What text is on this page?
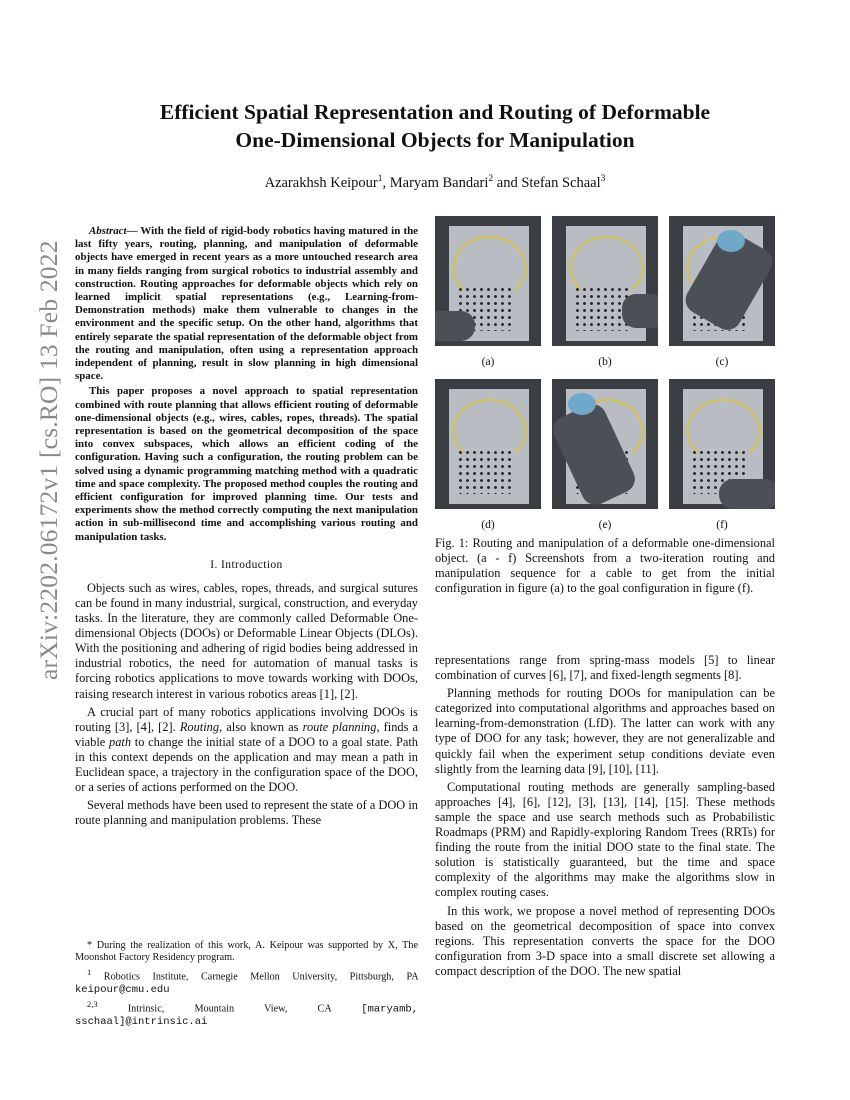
arXiv:2202.06172v1 [cs.RO] 13 Feb 2022
Efficient Spatial Representation and Routing of Deformable
One-Dimensional Objects for Manipulation
Azarakhsh Keipour$^1$, Maryam Bandari$^2$ and Stefan Schaal$^3$

Abstract— With the field of rigid-body robotics having matured in the last fifty years, routing, planning, and manipulation of deformable objects have emerged in recent years as a more untouched research area in many fields ranging from surgical robotics to industrial assembly and construction. Routing approaches for deformable objects which rely on learned implicit spatial representations (e.g., Learning-from-Demonstration methods) make them vulnerable to changes in the environment and the specific setup. On the other hand, algorithms that entirely separate the spatial representation of the deformable object from the routing and manipulation, often using a representation approach independent of planning, result in slow planning in high dimensional space.

This paper proposes a novel approach to spatial representation combined with route planning that allows efficient routing of deformable one-dimensional objects (e.g., wires, cables, ropes, threads). The spatial representation is based on the geometrical decomposition of the space into convex subspaces, which allows an efficient coding of the configuration. Having such a configuration, the routing problem can be solved using a dynamic programming matching method with a quadratic time and space complexity. The proposed method couples the routing and efficient configuration for improved planning time. Our tests and experiments show the method correctly computing the next manipulation action in sub-millisecond time and accomplishing various routing and manipulation tasks.

I. Introduction

Objects such as wires, cables, ropes, threads, and surgical sutures can be found in many industrial, surgical, construction, and everyday tasks. In the literature, they are commonly called Deformable One-dimensional Objects (DOOs) or Deformable Linear Objects (DLOs). With the positioning and adhering of rigid bodies being addressed in industrial robotics, the need for automation of manual tasks is forcing robotics applications to move towards working with DOOs, raising research interest in various robotics areas [1], [2].

A crucial part of many robotics applications involving DOOs is routing [3], [4], [2]. Routing, also known as route planning, finds a viable path to change the initial state of a DOO to a goal state. Path in this context depends on the application and may mean a path in Euclidean space, a trajectory in the configuration space of the DOO, or a series of actions performed on the DOO.

Several methods have been used to represent the state of a DOO in route planning and manipulation problems. These

* During the realization of this work, A. Keipour was supported by X, The Moonshot Factory Residency program.

$^1$ Robotics Institute, Carnegie Mellon University, Pittsburgh, PA keipour@cmu.edu

$^{2,3}$ Intrinsic, Mountain View, CA [maryamb, sschaal]@intrinsic.ai

(a)	(b)	(c)
(d)	(e)	(f)

Fig. 1: Routing and manipulation of a deformable one-dimensional object. (a - f) Screenshots from a two-iteration routing and manipulation sequence for a cable to get from the initial configuration in figure (a) to the goal configuration in figure (f).

representations range from spring-mass models [5] to linear combination of curves [6], [7], and fixed-length segments [8].

Planning methods for routing DOOs for manipulation can be categorized into computational algorithms and approaches based on learning-from-demonstration (LfD). The latter can work with any type of DOO for any task; however, they are not generalizable and quickly fail when the experiment setup conditions deviate even slightly from the learning data [9], [10], [11].

Computational routing methods are generally sampling-based approaches [4], [6], [12], [3], [13], [14], [15]. These methods sample the space and use search methods such as Probabilistic Roadmaps (PRM) and Rapidly-exploring Random Trees (RRTs) for finding the route from the initial DOO state to the final state. The solution is statistically guaranteed, but the time and space complexity of the algorithms may make the algorithms slow in complex routing cases.

In this work, we propose a novel method of representing DOOs based on the geometrical decomposition of space into convex regions. This representation converts the space for the DOO configuration from 3-D space into a small discrete set allowing a compact description of the DOO. The new spatial
